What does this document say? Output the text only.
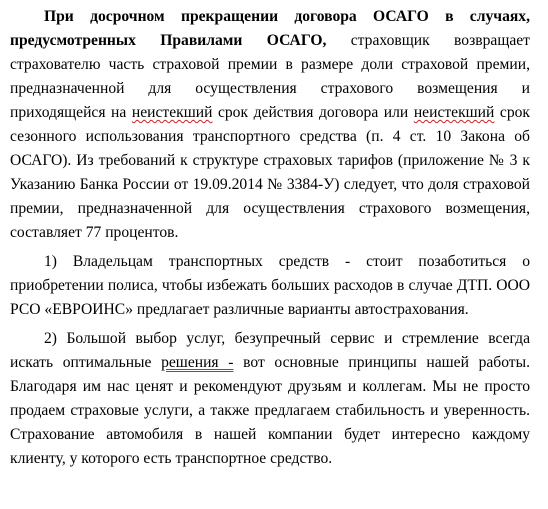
При досрочном прекращении договора ОСАГО в случаях,
предусмотренных Правилами ОСАГО, страховщик возвращает
страхователю часть страховой премии в размере доли страховой премии,
предназначенной для осуществления страхового возмещения и
приходящейся на неистекший срок действия договора или неистекший срок
сезонного использования транспортного средства (п. 4 ст. 10 Закона об
ОСАГО). Из требований к структуре страховых тарифов (приложение № 3 к
Указанию Банка России от 19.09.2014 № 3384-У) следует, что доля страховой
премии, предназначенной для осуществления страхового возмещения,
составляет 77 процентов.
1) Владельцам транспортных средств - стоит позаботиться о
приобретении полиса, чтобы избежать больших расходов в случае ДТП. ООО
РСО «ЕВРОИНС» предлагает различные варианты автострахования.
2) Большой выбор услуг, безупречный сервис и стремление всегда
искать оптимальные решения - вот основные принципы нашей работы.
Благодаря им нас ценят и рекомендуют друзьям и коллегам. Мы не просто
продаем страховые услуги, а также предлагаем стабильность и уверенность.
Страхование автомобиля в нашей компании будет интересно каждому
клиенту, у которого есть транспортное средство.
